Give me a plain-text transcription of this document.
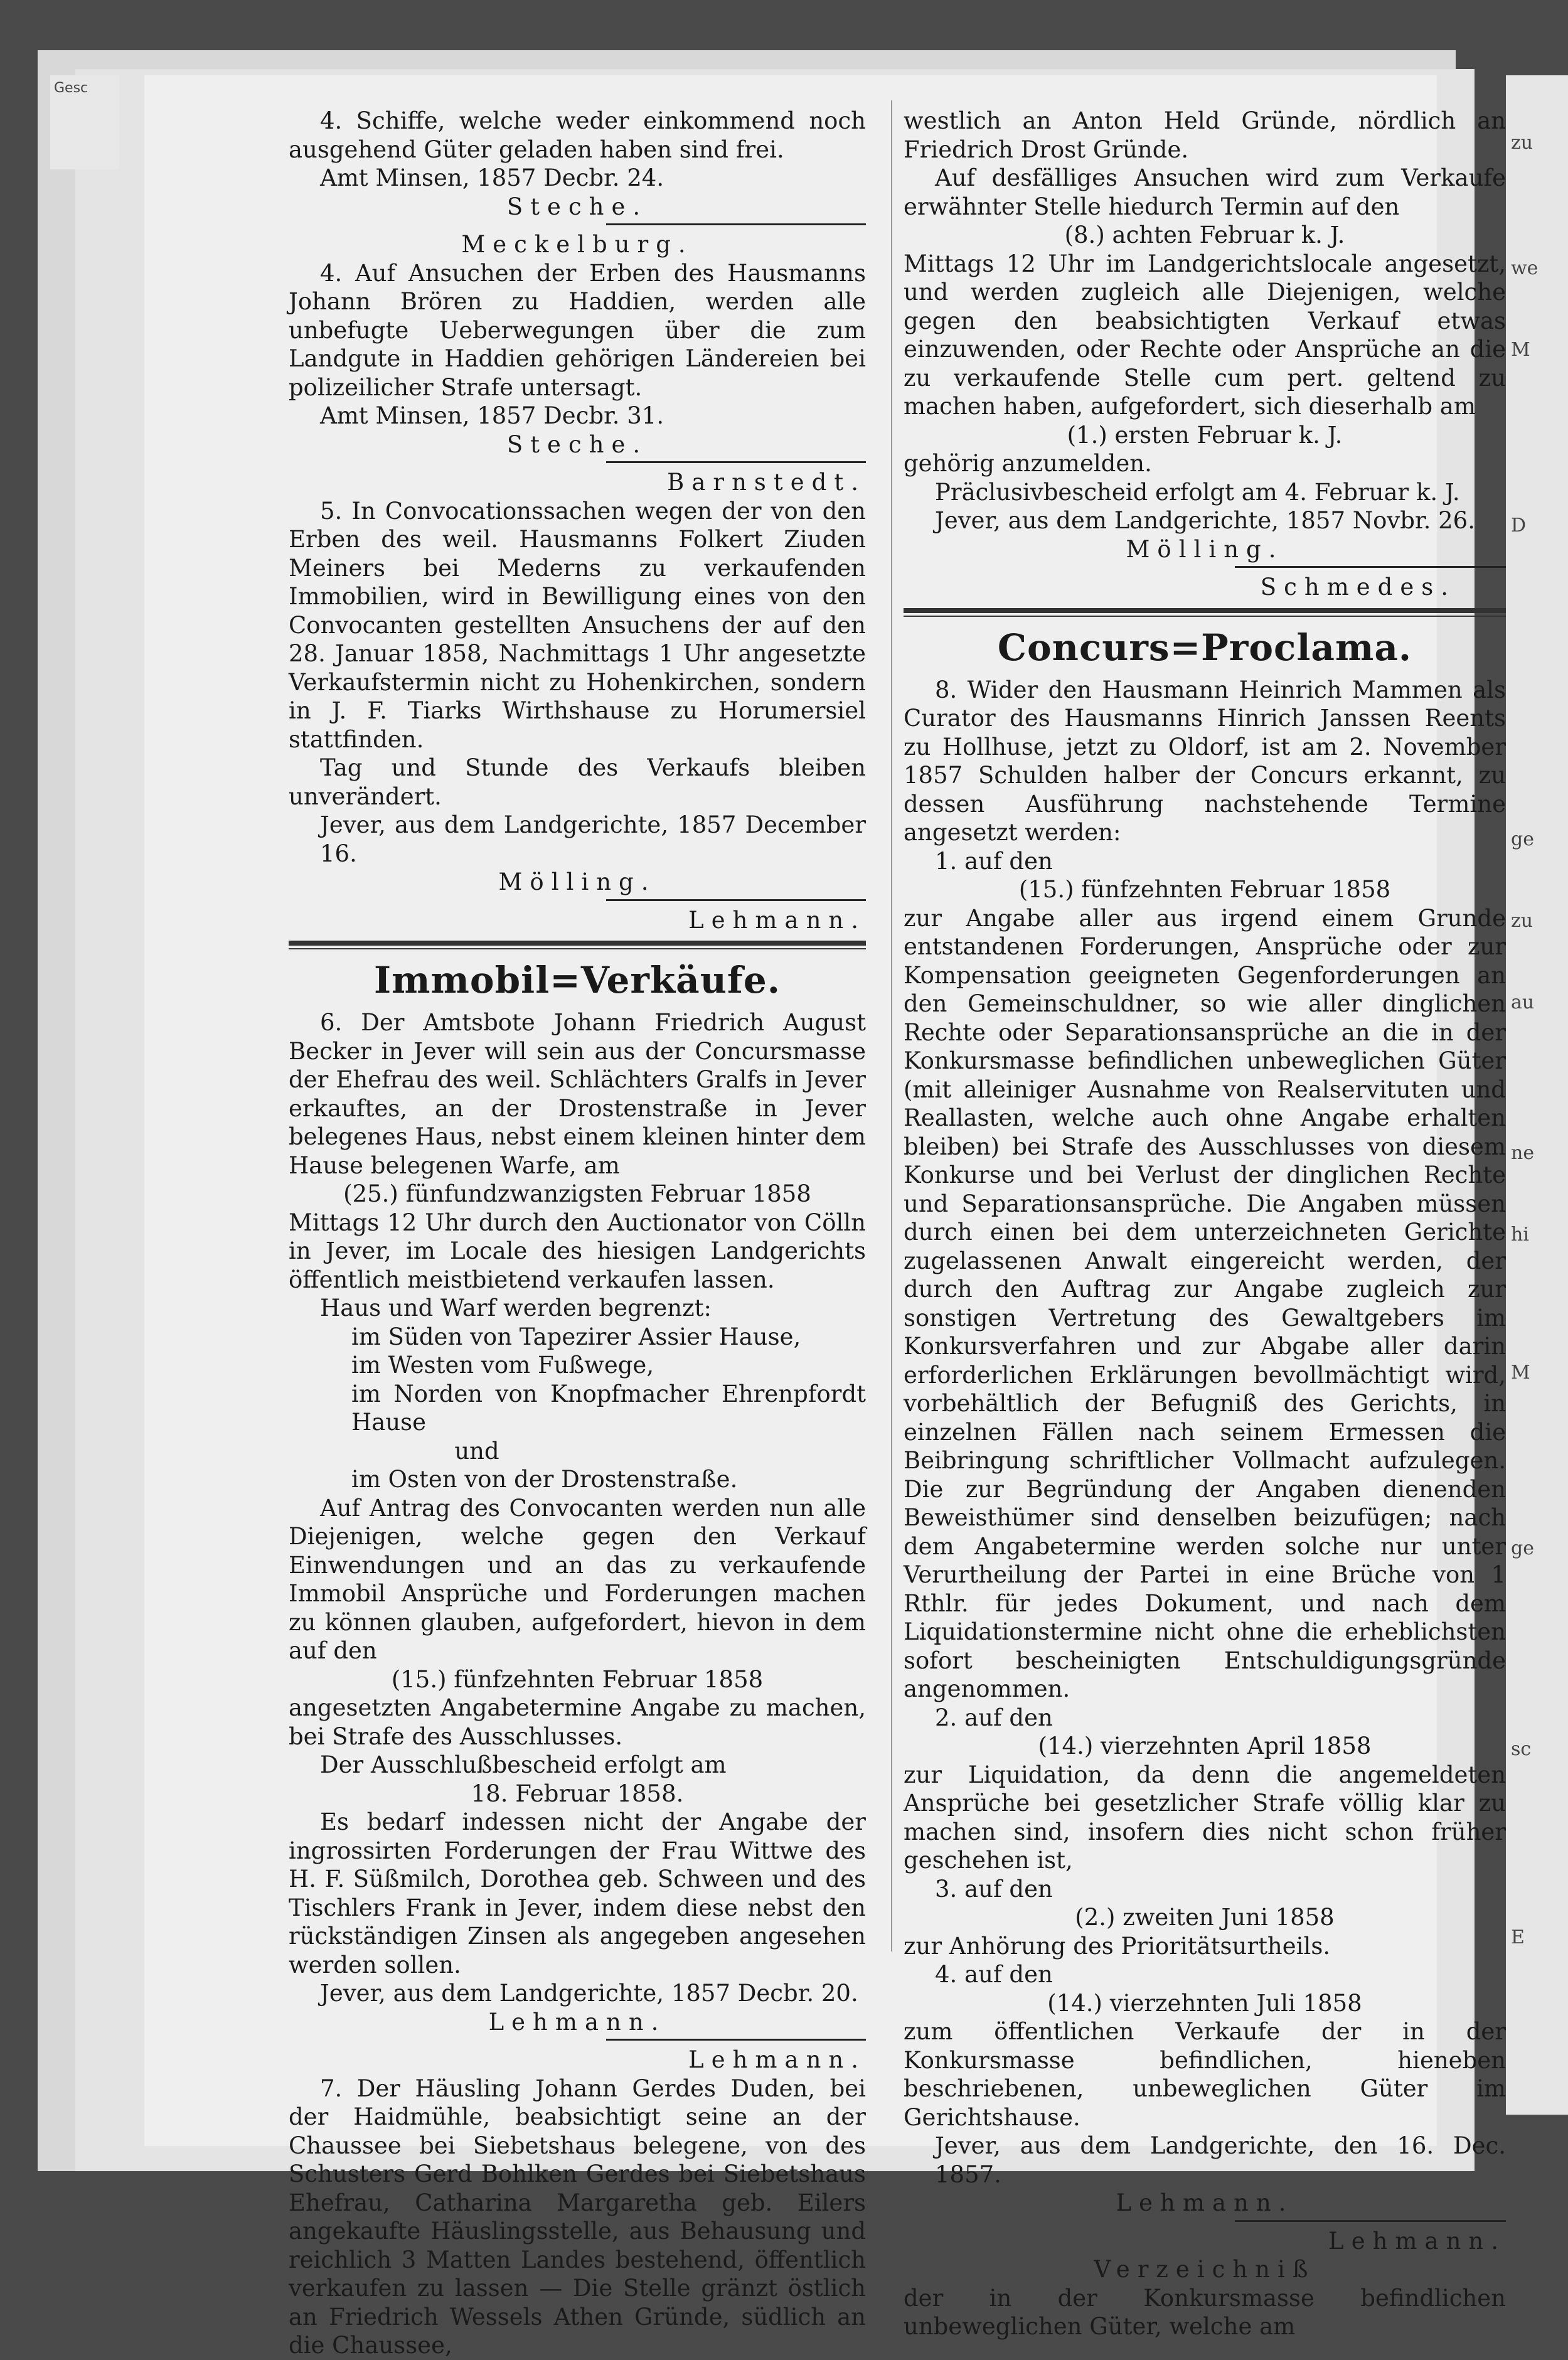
Gesc
zu
we
M
D
ge
zu
au
ne
hi
M
ge
sc
E

4. Schiffe, welche weder einkommend noch ausgehend Güter geladen haben sind frei.

Amt Minsen, 1857 Decbr. 24.

Steche.

Meckelburg.

4. Auf Ansuchen der Erben des Hausmanns Johann Brören zu Haddien, werden alle unbefugte Ueberwegungen über die zum Landgute in Haddien gehörigen Ländereien bei polizeilicher Strafe untersagt.

Amt Minsen, 1857 Decbr. 31.

Steche.

Barnstedt.

5. In Convocationssachen wegen der von den Erben des weil. Hausmanns Folkert Ziuden Meiners bei Mederns zu verkaufenden Immobilien, wird in Bewilligung eines von den Convocanten gestellten Ansuchens der auf den 28. Januar 1858, Nachmittags 1 Uhr angesetzte Verkaufstermin nicht zu Hohenkirchen, sondern in J. F. Tiarks Wirthshause zu Horumersiel stattfinden.

Tag und Stunde des Verkaufs bleiben unverändert.

Jever, aus dem Landgerichte, 1857 December 16.

Mölling.

Lehmann.

Immobil=Verkäufe.

6. Der Amtsbote Johann Friedrich August Becker in Jever will sein aus der Concursmasse der Ehefrau des weil. Schlächters Gralfs in Jever erkauftes, an der Drostenstraße in Jever belegenes Haus, nebst einem kleinen hinter dem Hause belegenen Warfe, am

(25.) fünfundzwanzigsten Februar 1858

Mittags 12 Uhr durch den Auctionator von Cölln in Jever, im Locale des hiesigen Landgerichts öffentlich meistbietend verkaufen lassen.

Haus und Warf werden begrenzt:

im Süden von Tapezirer Assier Hause,

im Westen vom Fußwege,

im Norden von Knopfmacher Ehrenpfordt Hause

und

im Osten von der Drostenstraße.

Auf Antrag des Convocanten werden nun alle Diejenigen, welche gegen den Verkauf Einwendungen und an das zu verkaufende Immobil Ansprüche und Forderungen machen zu können glauben, aufgefordert, hievon in dem auf den

(15.) fünfzehnten Februar 1858

angesetzten Angabetermine Angabe zu machen, bei Strafe des Ausschlusses.

Der Ausschlußbescheid erfolgt am

18. Februar 1858.

Es bedarf indessen nicht der Angabe der ingrossirten Forderungen der Frau Wittwe des H. F. Süßmilch, Dorothea geb. Schween und des Tischlers Frank in Jever, indem diese nebst den rückständigen Zinsen als angegeben angesehen werden sollen.

Jever, aus dem Landgerichte, 1857 Decbr. 20.

Lehmann.

Lehmann.

7. Der Häusling Johann Gerdes Duden, bei der Haidmühle, beabsichtigt seine an der Chaussee bei Siebetshaus belegene, von des Schusters Gerd Bohlken Gerdes bei Siebetshaus Ehefrau, Catharina Margaretha geb. Eilers angekaufte Häuslingsstelle, aus Behausung und reichlich 3 Matten Landes bestehend, öffentlich verkaufen zu lassen — Die Stelle gränzt östlich an Friedrich Wessels Athen Gründe, südlich an die Chaussee,

westlich an Anton Held Gründe, nördlich an Friedrich Drost Gründe.

Auf desfälliges Ansuchen wird zum Verkaufe erwähnter Stelle hiedurch Termin auf den

(8.) achten Februar k. J.

Mittags 12 Uhr im Landgerichtslocale angesetzt, und werden zugleich alle Diejenigen, welche gegen den beabsichtigten Verkauf etwas einzuwenden, oder Rechte oder Ansprüche an die zu verkaufende Stelle cum pert. geltend zu machen haben, aufgefordert, sich dieserhalb am

(1.) ersten Februar k. J.

gehörig anzumelden.

Präclusivbescheid erfolgt am 4. Februar k. J.

Jever, aus dem Landgerichte, 1857 Novbr. 26.

Mölling.

Schmedes.

Concurs=Proclama.

8. Wider den Hausmann Heinrich Mammen als Curator des Hausmanns Hinrich Janssen Reents zu Hollhuse, jetzt zu Oldorf, ist am 2. November 1857 Schulden halber der Concurs erkannt, zu dessen Ausführung nachstehende Termine angesetzt werden:

1. auf den

(15.) fünfzehnten Februar 1858

zur Angabe aller aus irgend einem Grunde entstandenen Forderungen, Ansprüche oder zur Kompensation geeigneten Gegenforderungen an den Gemeinschuldner, so wie aller dinglichen Rechte oder Separationsansprüche an die in der Konkursmasse befindlichen unbeweglichen Güter (mit alleiniger Ausnahme von Realservituten und Reallasten, welche auch ohne Angabe erhalten bleiben) bei Strafe des Ausschlusses von diesem Konkurse und bei Verlust der dinglichen Rechte und Separationsansprüche. Die Angaben müssen durch einen bei dem unterzeichneten Gerichte zugelassenen Anwalt eingereicht werden, der durch den Auftrag zur Angabe zugleich zur sonstigen Vertretung des Gewaltgebers im Konkursverfahren und zur Abgabe aller darin erforderlichen Erklärungen bevollmächtigt wird, vorbehältlich der Befugniß des Gerichts, in einzelnen Fällen nach seinem Ermessen die Beibringung schriftlicher Vollmacht aufzulegen. Die zur Begründung der Angaben dienenden Beweisthümer sind denselben beizufügen; nach dem Angabetermine werden solche nur unter Verurtheilung der Partei in eine Brüche von 1 Rthlr. für jedes Dokument, und nach dem Liquidationstermine nicht ohne die erheblichsten sofort bescheinigten Entschuldigungsgründe angenommen.

2. auf den

(14.) vierzehnten April 1858

zur Liquidation, da denn die angemeldeten Ansprüche bei gesetzlicher Strafe völlig klar zu machen sind, insofern dies nicht schon früher geschehen ist,

3. auf den

(2.) zweiten Juni 1858

zur Anhörung des Prioritätsurtheils.

4. auf den

(14.) vierzehnten Juli 1858

zum öffentlichen Verkaufe der in der Konkursmasse befindlichen, hieneben beschriebenen, unbeweglichen Güter im Gerichtshause.

Jever, aus dem Landgerichte, den 16. Dec. 1857.

Lehmann.

Lehmann.

Verzeichniß

der in der Konkursmasse befindlichen unbeweglichen Güter, welche am
